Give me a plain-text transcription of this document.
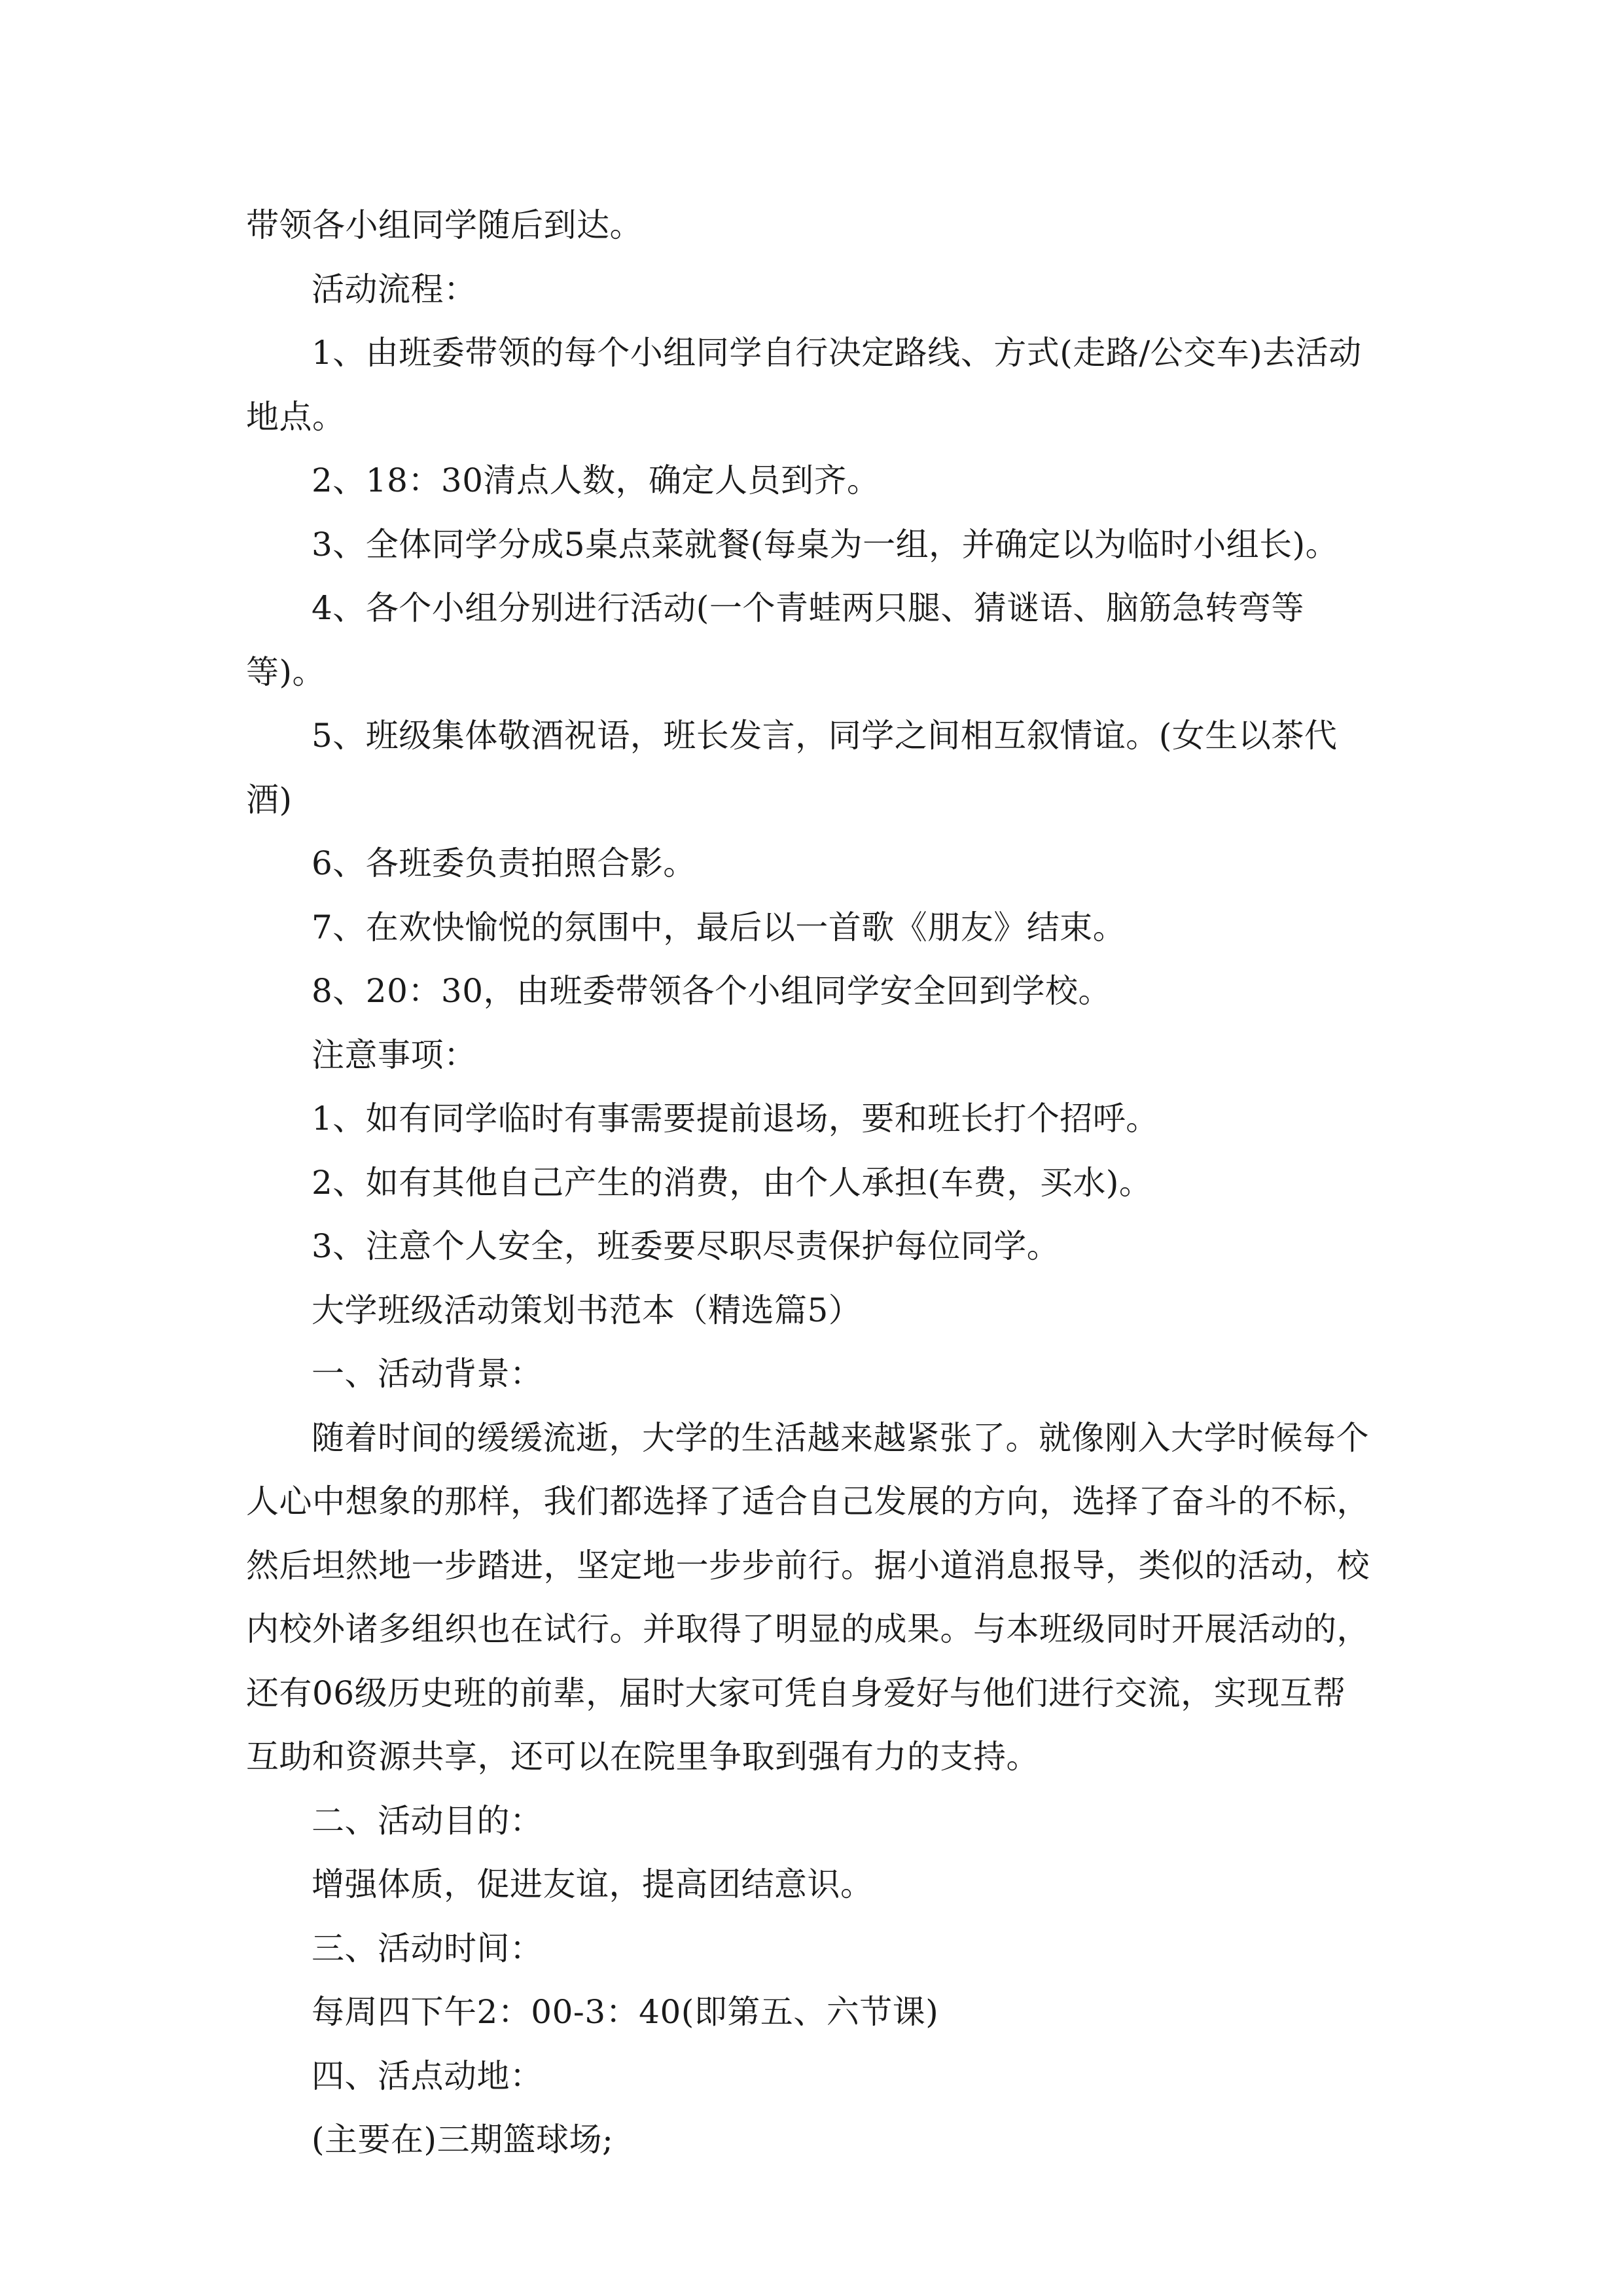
带领各小组同学随后到达。

活动流程：

1、由班委带领的每个小组同学自行决定路线、方式(走路/公交车)去活动地点。

2、18：30清点人数，确定人员到齐。

3、全体同学分成5桌点菜就餐(每桌为一组，并确定以为临时小组长)。

4、各个小组分别进行活动(一个青蛙两只腿、猜谜语、脑筋急转弯等等)。

5、班级集体敬酒祝语，班长发言，同学之间相互叙情谊。(女生以茶代酒)

6、各班委负责拍照合影。

7、在欢快愉悦的氛围中，最后以一首歌《朋友》结束。

8、20：30，由班委带领各个小组同学安全回到学校。

注意事项：

1、如有同学临时有事需要提前退场，要和班长打个招呼。

2、如有其他自己产生的消费，由个人承担(车费，买水)。

3、注意个人安全，班委要尽职尽责保护每位同学。

大学班级活动策划书范本（精选篇5）

一、活动背景：

随着时间的缓缓流逝，大学的生活越来越紧张了。就像刚入大学时候每个人心中想象的那样，我们都选择了适合自己发展的方向，选择了奋斗的不标，然后坦然地一步踏进，坚定地一步步前行。据小道消息报导，类似的活动，校内校外诸多组织也在试行。并取得了明显的成果。与本班级同时开展活动的，还有06级历史班的前辈，届时大家可凭自身爱好与他们进行交流，实现互帮互助和资源共享，还可以在院里争取到强有力的支持。

二、活动目的：

增强体质，促进友谊，提高团结意识。

三、活动时间：

每周四下午2：00-3：40(即第五、六节课)

四、活点动地：

(主要在)三期篮球场;
